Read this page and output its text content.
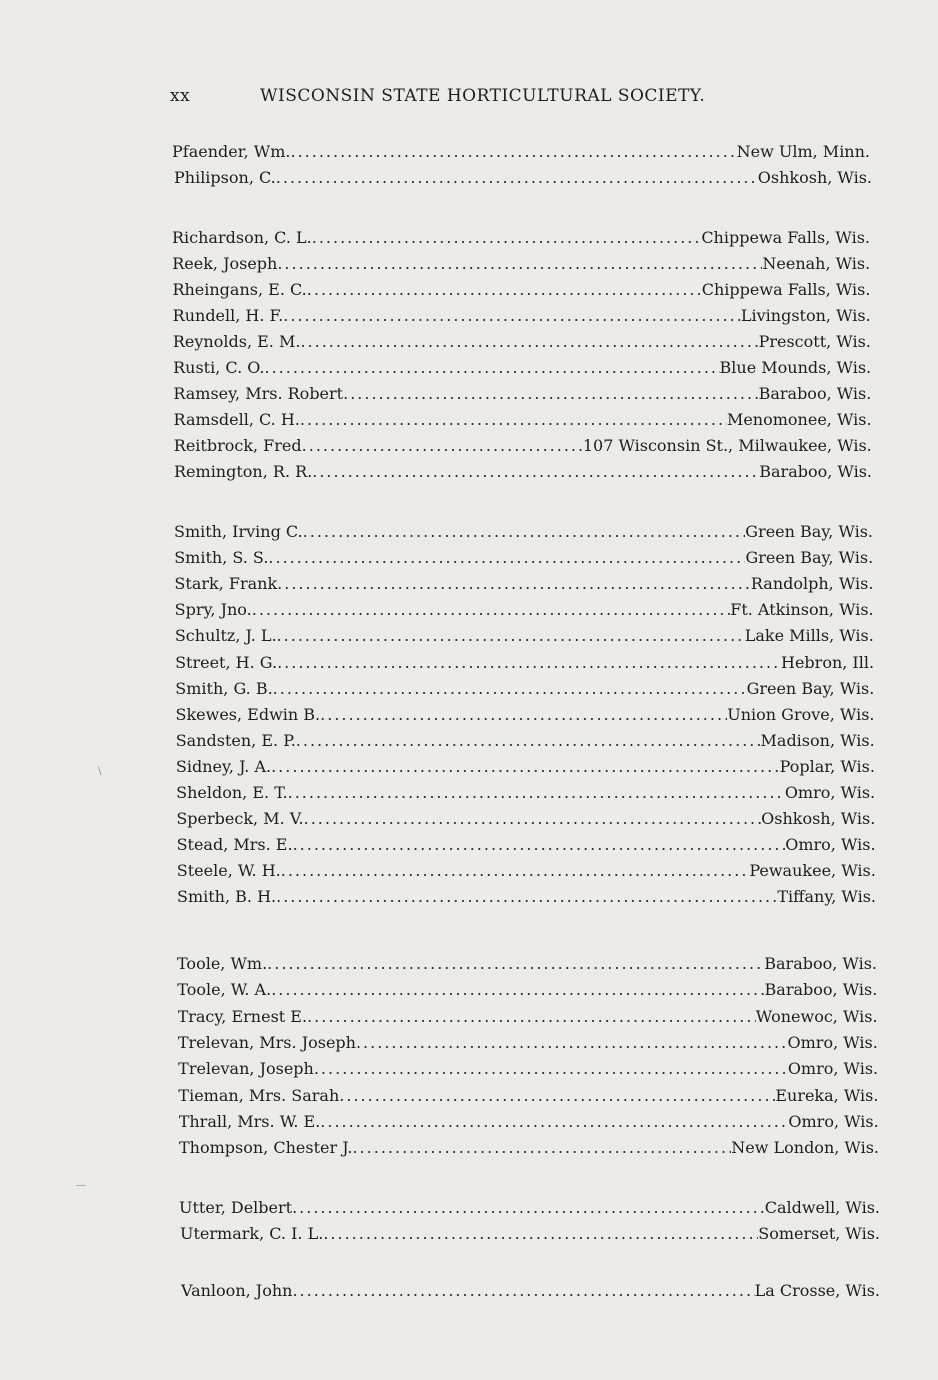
xx	WISCONSIN STATE HORTICULTURAL SOCIETY.
Pfaender, Wm. .....	New Ulm, Minn.
Philipson, C. .....	Oshkosh, Wis.
Richardson, C. L. .....	Chippewa Falls, Wis.
Reek, Joseph .....	Neenah, Wis.
Rheingans, E. C. .....	Chippewa Falls, Wis.
Rundell, H. F. .....	Livingston, Wis.
Reynolds, E. M. .....	Prescott, Wis.
Rusti, C. O. .....	Blue Mounds, Wis.
Ramsey, Mrs. Robert .....	Baraboo, Wis.
Ramsdell, C. H. .....	Menomonee, Wis.
Reitbrock, Fred .....	107 Wisconsin St., Milwaukee, Wis.
Remington, R. R. .....	Baraboo, Wis.
Smith, Irving C. .....	Green Bay, Wis.
Smith, S. S. .....	Green Bay, Wis.
Stark, Frank .....	Randolph, Wis.
Spry, Jno. .....	Ft. Atkinson, Wis.
Schultz, J. L. .....	Lake Mills, Wis.
Street, H. G. .....	Hebron, Ill.
Smith, G. B. .....	Green Bay, Wis.
Skewes, Edwin B. .....	Union Grove, Wis.
Sandsten, E. P. .....	Madison, Wis.
Sidney, J. A. .....	Poplar, Wis.
Sheldon, E. T. .....	Omro, Wis.
Sperbeck, M. V. .....	Oshkosh, Wis.
Stead, Mrs. E. .....	Omro, Wis.
Steele, W. H. .....	Pewaukee, Wis.
Smith, B. H. .....	Tiffany, Wis.
Toole, Wm. .....	Baraboo, Wis.
Toole, W. A. .....	Baraboo, Wis.
Tracy, Ernest E. .....	Wonewoc, Wis.
Trelevan, Mrs. Joseph .....	Omro, Wis.
Trelevan, Joseph .....	Omro, Wis.
Tieman, Mrs. Sarah .....	Eureka, Wis.
Thrall, Mrs. W. E. .....	Omro, Wis.
Thompson, Chester J. .....	New London, Wis.
Utter, Delbert .....	Caldwell, Wis.
Utermark, C. I. L. .....	Somerset, Wis.
Vanloon, John .....	La Crosse, Wis.
\
—
